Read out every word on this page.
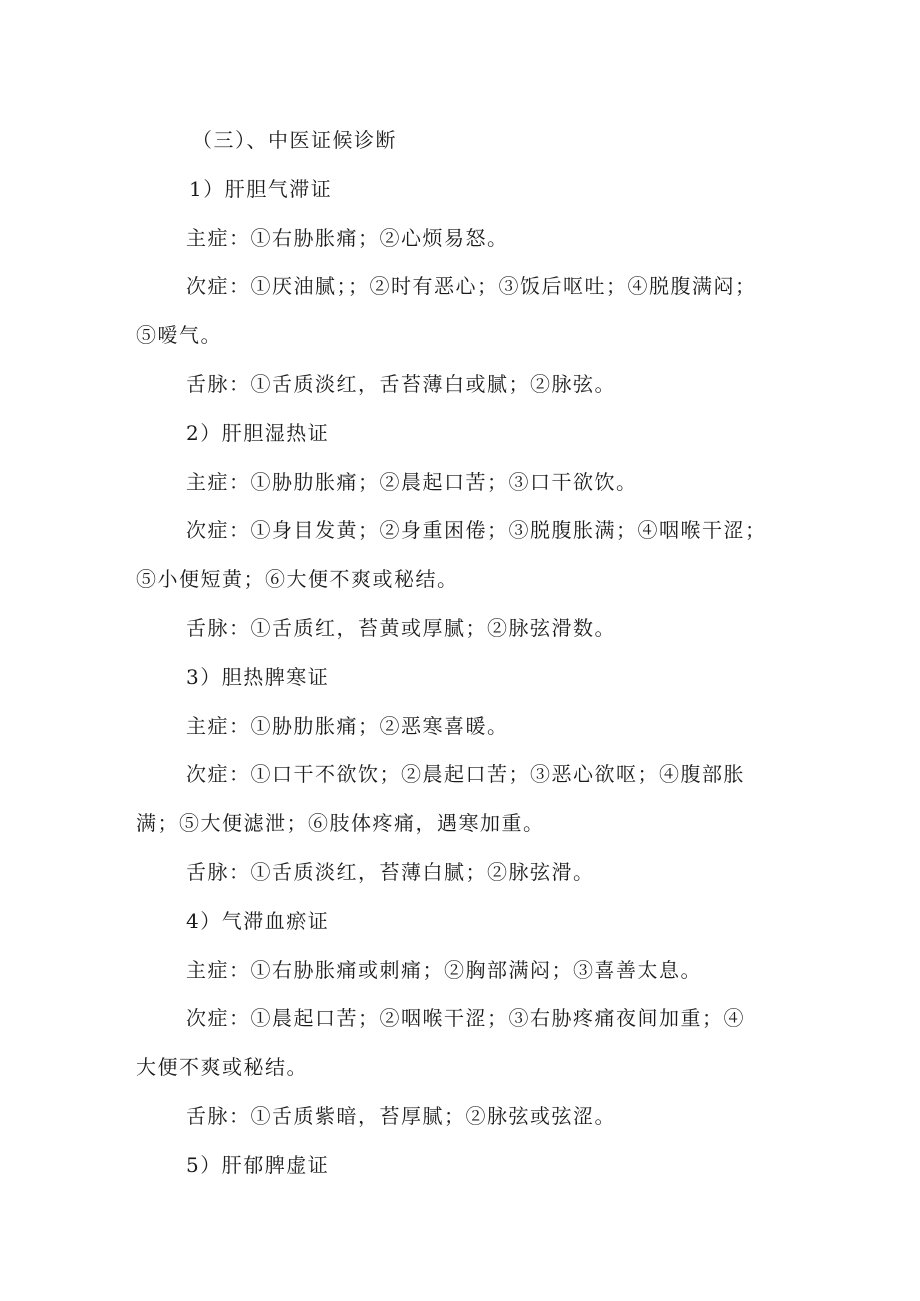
（三）、中医证候诊断
1）肝胆气滞证
主症：①右胁胀痛；②心烦易怒。
次症：①厌油腻；；②时有恶心；③饭后呕吐；④脱腹满闷；
⑤嗳气。
舌脉：①舌质淡红，舌苔薄白或腻；②脉弦。
2）肝胆湿热证
主症：①胁肋胀痛；②晨起口苦；③口干欲饮。
次症：①身目发黄；②身重困倦；③脱腹胀满；④咽喉干涩；
⑤小便短黄；⑥大便不爽或秘结。
舌脉：①舌质红，苔黄或厚腻；②脉弦滑数。
3）胆热脾寒证
主症：①胁肋胀痛；②恶寒喜暖。
次症：①口干不欲饮；②晨起口苦；③恶心欲呕；④腹部胀
满；⑤大便滤泄；⑥肢体疼痛，遇寒加重。
舌脉：①舌质淡红，苔薄白腻；②脉弦滑。
4）气滞血瘀证
主症：①右胁胀痛或刺痛；②胸部满闷；③喜善太息。
次症：①晨起口苦；②咽喉干涩；③右胁疼痛夜间加重；④
大便不爽或秘结。
舌脉：①舌质紫暗，苔厚腻；②脉弦或弦涩。
5）肝郁脾虚证
